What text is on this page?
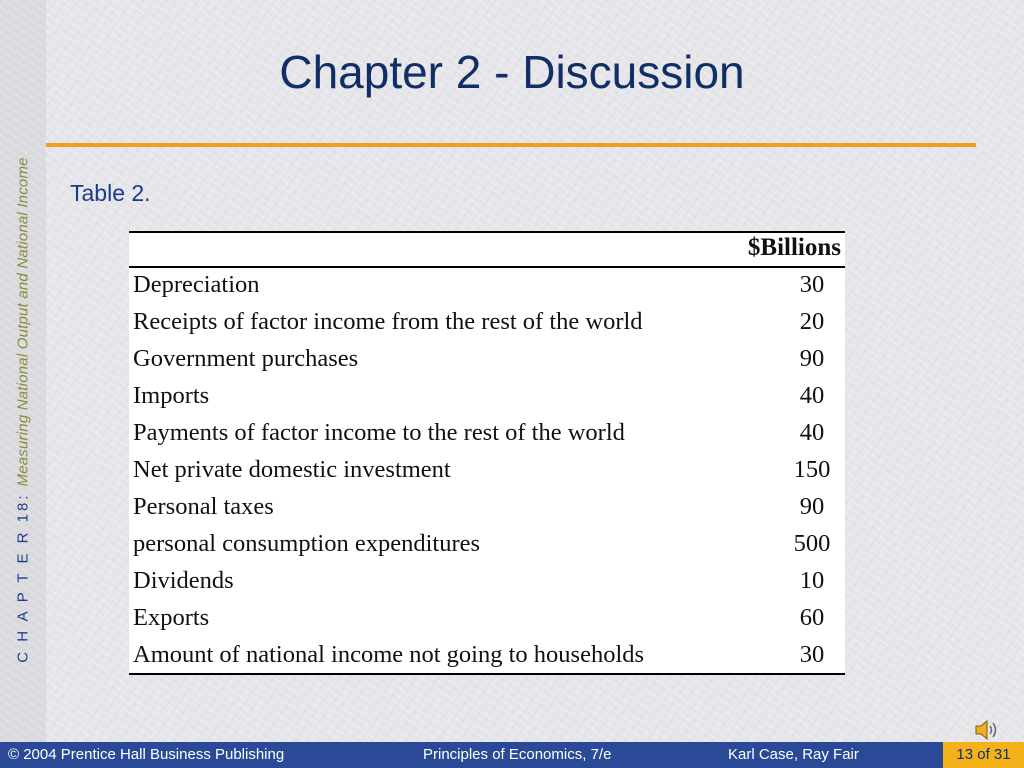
C H A P T E R 18:Measuring National Output and National Income
Chapter 2 - Discussion
Table 2.
$Billions
Depreciation	30
Receipts of factor income from the rest of the world	20
Government purchases	90
Imports	40
Payments of factor income to the rest of the world	40
Net private domestic investment	150
Personal taxes	90
personal consumption expenditures	500
Dividends	10
Exports	60
Amount of national income not going to households	30
© 2004 Prentice Hall Business Publishing	Principles of Economics, 7/e	Karl Case, Ray Fair	13 of 31
